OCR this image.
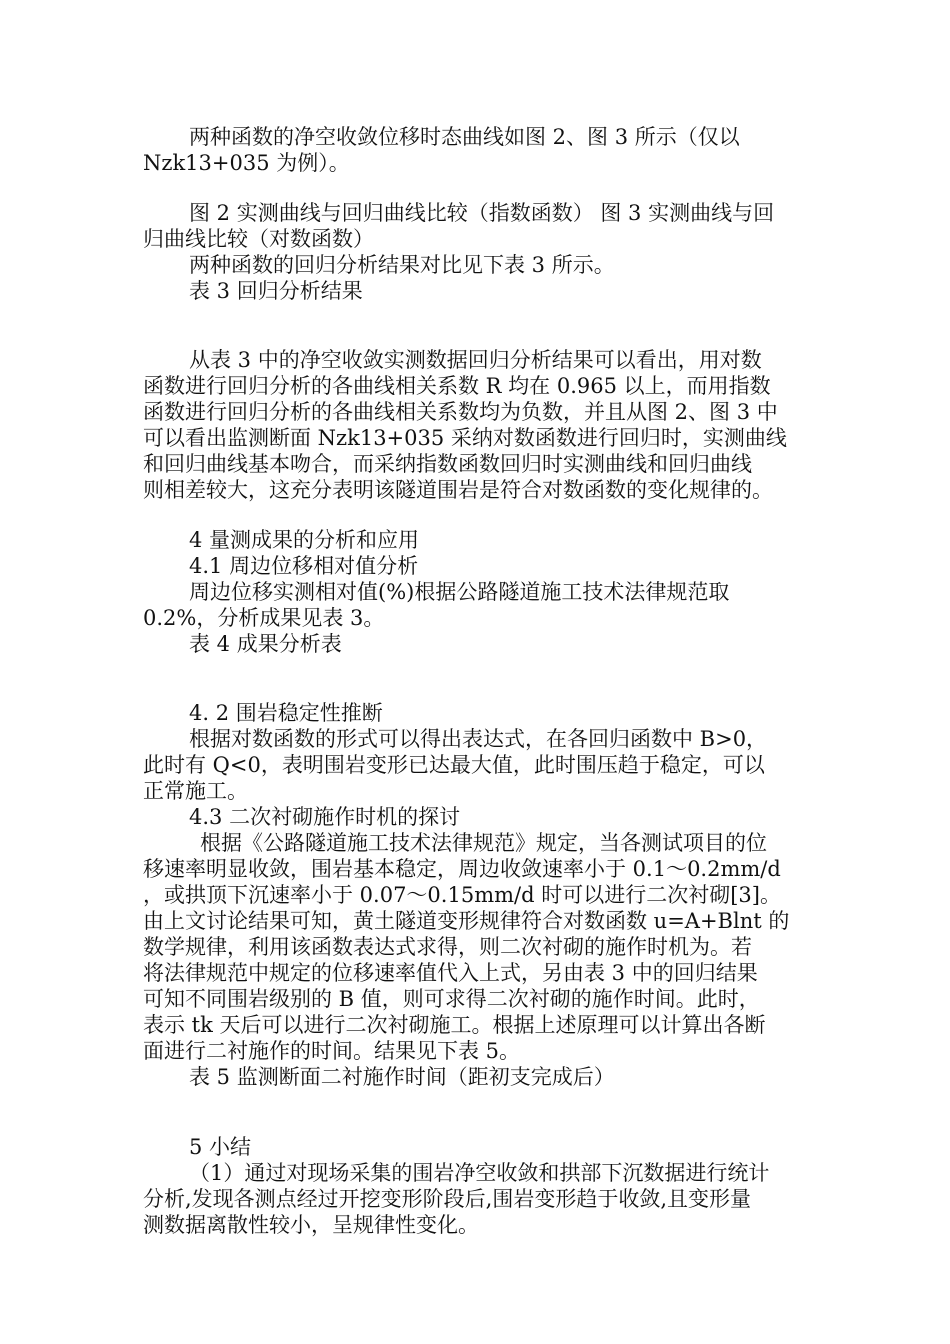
两种函数的净空收敛位移时态曲线如图 2、图 3 所示（仅以
Nzk13+035 为例）。
图 2 实测曲线与回归曲线比较（指数函数） 图 3 实测曲线与回
归曲线比较（对数函数）
两种函数的回归分析结果对比见下表 3 所示。
表 3 回归分析结果
从表 3 中的净空收敛实测数据回归分析结果可以看出，用对数
函数进行回归分析的各曲线相关系数 R 均在 0.965 以上，而用指数
函数进行回归分析的各曲线相关系数均为负数，并且从图 2、图 3 中
可以看出监测断面 Nzk13+035 采纳对数函数进行回归时，实测曲线
和回归曲线基本吻合，而采纳指数函数回归时实测曲线和回归曲线
则相差较大，这充分表明该隧道围岩是符合对数函数的变化规律的。
4 量测成果的分析和应用
4.1 周边位移相对值分析
周边位移实测相对值(%)根据公路隧道施工技术法律规范取
0.2%，分析成果见表 3。
表 4 成果分析表
4. 2 围岩稳定性推断
根据对数函数的形式可以得出表达式，在各回归函数中 B>0，
此时有 Q<0，表明围岩变形已达最大值，此时围压趋于稳定，可以
正常施工。
4.3 二次衬砌施作时机的探讨
根据《公路隧道施工技术法律规范》规定，当各测试项目的位
移速率明显收敛，围岩基本稳定，周边收敛速率小于 0.1～0.2mm/d
，或拱顶下沉速率小于 0.07～0.15mm/d 时可以进行二次衬砌[3]。
由上文讨论结果可知，黄土隧道变形规律符合对数函数 u=A+Blnt 的
数学规律，利用该函数表达式求得，则二次衬砌的施作时机为。若
将法律规范中规定的位移速率值代入上式，另由表 3 中的回归结果
可知不同围岩级别的 B 值，则可求得二次衬砌的施作时间。此时，
表示 tk 天后可以进行二次衬砌施工。根据上述原理可以计算出各断
面进行二衬施作的时间。结果见下表 5。
表 5 监测断面二衬施作时间（距初支完成后）
5 小结
（1）通过对现场采集的围岩净空收敛和拱部下沉数据进行统计
分析,发现各测点经过开挖变形阶段后,围岩变形趋于收敛,且变形量
测数据离散性较小，呈规律性变化。
